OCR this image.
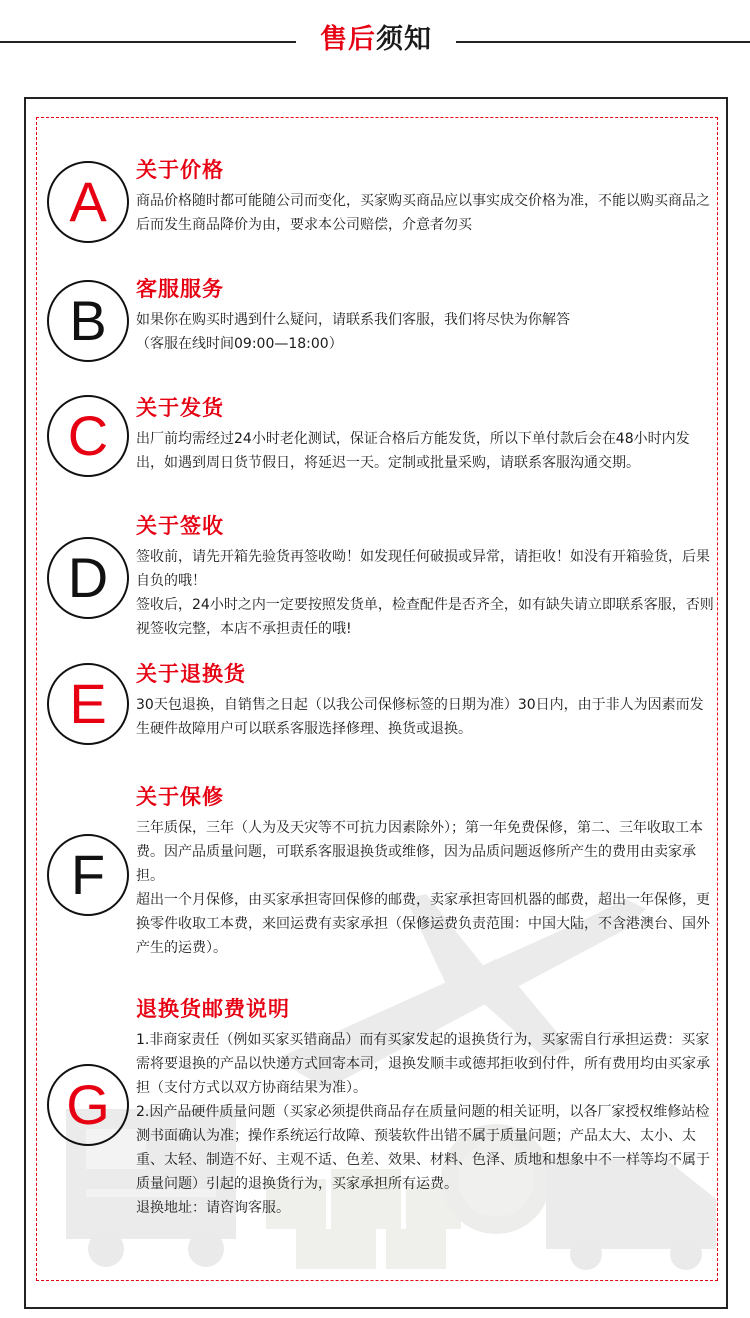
售后须知
A	关于价格

商品价格随时都可能随公司而变化，买家购买商品应以事实成交价格为准，不能以购买商品之后而发生商品降价为由，要求本公司赔偿，介意者勿买

B	客服服务

如果你在购买时遇到什么疑问，请联系我们客服，我们将尽快为你解答

（客服在线时间09:00—18:00）

C	关于发货

出厂前均需经过24小时老化测试，保证合格后方能发货，所以下单付款后会在48小时内发出，如遇到周日货节假日，将延迟一天。定制或批量采购，请联系客服沟通交期。

D
关于签收

签收前，请先开箱先验货再签收呦！如发现任何破损或异常，请拒收！如没有开箱验货，后果自负的哦！

签收后，24小时之内一定要按照发货单，检查配件是否齐全，如有缺失请立即联系客服，否则视签收完整，本店不承担责任的哦!

E	关于退换货

30天包退换，自销售之日起（以我公司保修标签的日期为准）30日内，由于非人为因素而发生硬件故障用户可以联系客服选择修理、换货或退换。

F
关于保修

三年质保，三年（人为及天灾等不可抗力因素除外）；第一年免费保修，第二、三年收取工本费。因产品质量问题，可联系客服退换货或维修，因为品质问题返修所产生的费用由卖家承担。

超出一个月保修，由买家承担寄回保修的邮费，卖家承担寄回机器的邮费，超出一年保修，更换零件收取工本费，来回运费有卖家承担（保修运费负责范围：中国大陆，不含港澳台、国外产生的运费）。

G
退换货邮费说明

1.非商家责任（例如买家买错商品）而有买家发起的退换货行为，买家需自行承担运费：买家需将要退换的产品以快递方式回寄本司，退换发顺丰或德邦拒收到付件，所有费用均由买家承担（支付方式以双方协商结果为准）。

2.因产品硬件质量问题（买家必须提供商品存在质量问题的相关证明，以各厂家授权维修站检测书面确认为准；操作系统运行故障、预装软件出错不属于质量问题；产品太大、太小、太重、太轻、制造不好、主观不适、色差、效果、材料、色泽、质地和想象中不一样等均不属于质量问题）引起的退换货行为，买家承担所有运费。

退换地址：请咨询客服。
